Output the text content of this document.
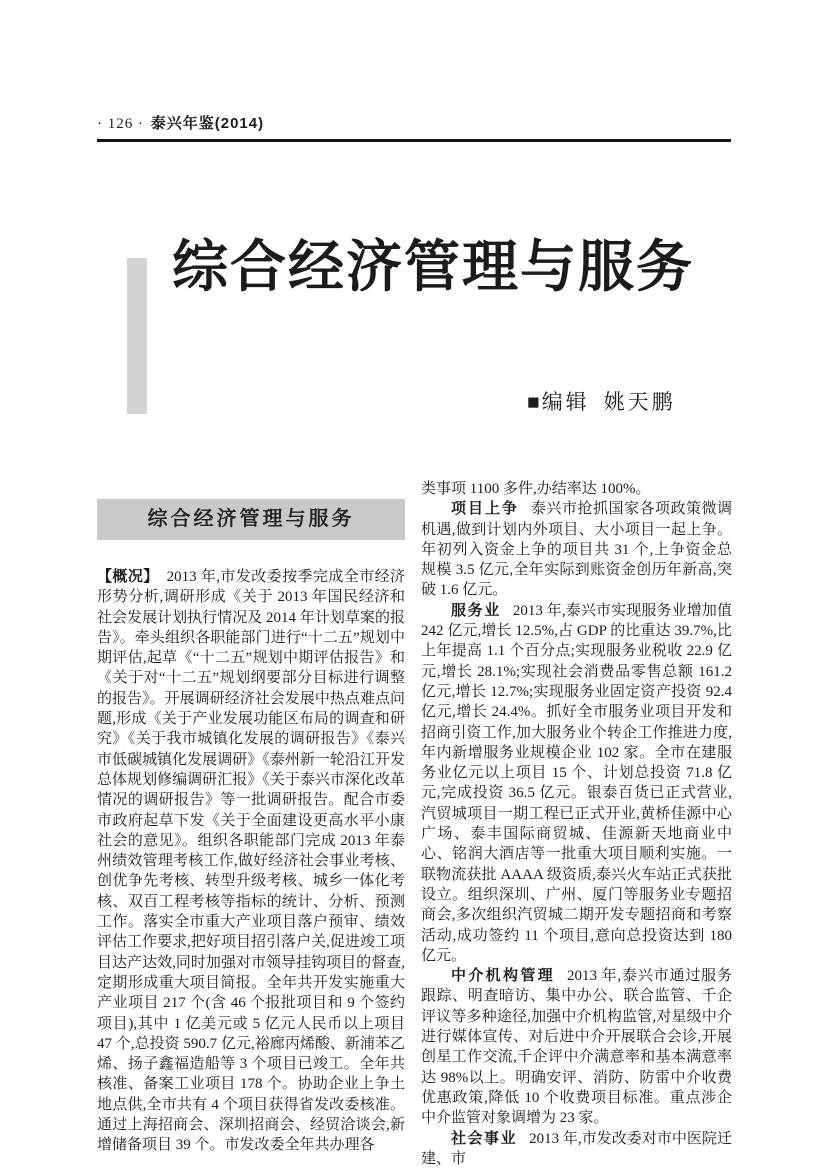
· 126 · 泰兴年鉴(2014)
综合经济管理与服务
■编辑 姚天鹏
综合经济管理与服务

【概况】 2013 年,市发改委按季完成全市经济形势分析,调研形成《关于 2013 年国民经济和社会发展计划执行情况及 2014 年计划草案的报告》。牵头组织各职能部门进行“十二五”规划中期评估,起草《“十二五”规划中期评估报告》和《关于对“十二五”规划纲要部分目标进行调整的报告》。开展调研经济社会发展中热点难点问题,形成《关于产业发展功能区布局的调查和研究》《关于我市城镇化发展的调研报告》《泰兴市低碳城镇化发展调研》《泰州新一轮沿江开发总体规划修编调研汇报》《关于泰兴市深化改革情况的调研报告》等一批调研报告。配合市委市政府起草下发《关于全面建设更高水平小康社会的意见》。组织各职能部门完成 2013 年泰州绩效管理考核工作,做好经济社会事业考核、创优争先考核、转型升级考核、城乡一体化考核、双百工程考核等指标的统计、分析、预测工作。落实全市重大产业项目落户预审、绩效评估工作要求,把好项目招引落户关,促进竣工项目达产达效,同时加强对市领导挂钩项目的督查,定期形成重大项目简报。全年共开发实施重大产业项目 217 个(含 46 个报批项目和 9 个签约项目),其中 1 亿美元或 5 亿元人民币以上项目 47 个,总投资 590.7 亿元,裕廊丙烯酸、新浦苯乙烯、扬子鑫福造船等 3 个项目已竣工。全年共核准、备案工业项目 178 个。协助企业上争土地点供,全市共有 4 个项目获得省发改委核准。通过上海招商会、深圳招商会、经贸洽谈会,新增储备项目 39 个。市发改委全年共办理各

类事项 1100 多件,办结率达 100%。

项目上争 泰兴市抢抓国家各项政策微调机遇,做到计划内外项目、大小项目一起上争。年初列入资金上争的项目共 31 个,上争资金总规模 3.5 亿元,全年实际到账资金创历年新高,突破 1.6 亿元。

服务业 2013 年,泰兴市实现服务业增加值 242 亿元,增长 12.5%,占 GDP 的比重达 39.7%,比上年提高 1.1 个百分点;实现服务业税收 22.9 亿元,增长 28.1%;实现社会消费品零售总额 161.2 亿元,增长 12.7%;实现服务业固定资产投资 92.4 亿元,增长 24.4%。抓好全市服务业项目开发和招商引资工作,加大服务业个转企工作推进力度,年内新增服务业规模企业 102 家。全市在建服务业亿元以上项目 15 个、计划总投资 71.8 亿元,完成投资 36.5 亿元。银泰百货已正式营业,汽贸城项目一期工程已正式开业,黄桥佳源中心广场、泰丰国际商贸城、佳源新天地商业中心、铭润大酒店等一批重大项目顺利实施。一联物流获批 AAAA 级资质,泰兴火车站正式获批设立。组织深圳、广州、厦门等服务业专题招商会,多次组织汽贸城二期开发专题招商和考察活动,成功签约 11 个项目,意向总投资达到 180 亿元。

中介机构管理 2013 年,泰兴市通过服务跟踪、明查暗访、集中办公、联合监管、千企评议等多种途径,加强中介机构监管,对星级中介进行媒体宣传、对后进中介开展联合会诊,开展创星工作交流,千企评中介满意率和基本满意率达 98%以上。明确安评、消防、防雷中介收费优惠政策,降低 10 个收费项目标准。重点涉企中介监管对象调增为 23 家。

社会事业 2013 年,市发改委对市中医院迁建、市
